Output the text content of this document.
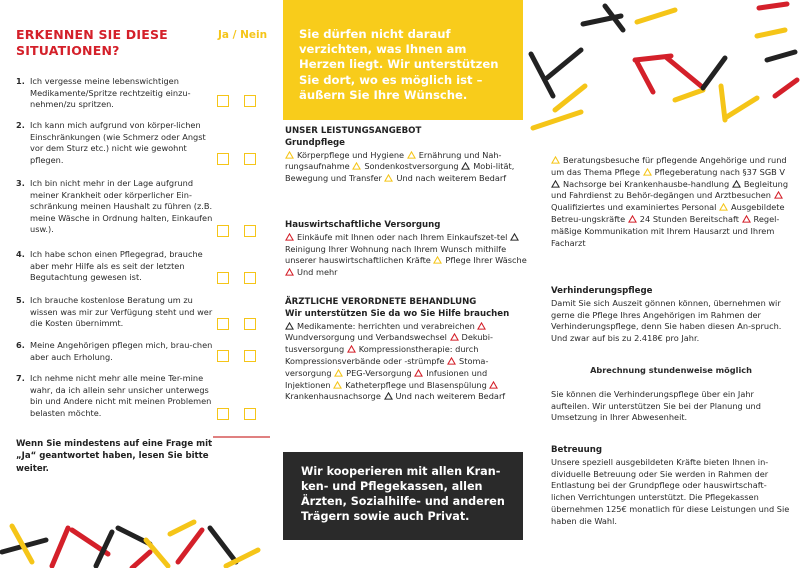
ERKENNEN SIE DIESE SITUATIONEN?
Ja / Nein
1. Ich vergesse meine lebenswichtigen Medikamente/Spritze rechtzeitig einzu-nehmen/zu spritzen.
2. Ich kann mich aufgrund von körper-lichen Einschränkungen (wie Schmerz oder Angst vor dem Sturz etc.) nicht wie gewohnt pflegen.
3. Ich bin nicht mehr in der Lage aufgrund meiner Krankheit oder körperlicher Ein-schränkung meinen Haushalt zu führen (z.B. meine Wäsche in Ordnung halten, Einkaufen usw.).
4. Ich habe schon einen Pflegegrad, brauche aber mehr Hilfe als es seit der letzten Begutachtung gewesen ist.
5. Ich brauche kostenlose Beratung um zu wissen was mir zur Verfügung steht und wer die Kosten übernimmt.
6. Meine Angehörigen pflegen mich, brau-chen aber auch Erholung.
7. Ich nehme nicht mehr alle meine Ter-mine wahr, da ich allein sehr unsicher unterwegs bin und Andere nicht mit meinen Problemen belasten möchte.
Wenn Sie mindestens auf eine Frage mit „Ja“ geantwortet haben, lesen Sie bitte weiter.

Sie dürfen nicht darauf verzichten, was Ihnen am Herzen liegt. Wir unterstützen Sie dort, wo es möglich ist – äußern Sie Ihre Wünsche.

UNSER LEISTUNGSANGEBOT
Grundpflege
Körperpflege und Hygiene Ernährung und Nah-rungsaufnahme Sondenkostversorgung Mobi-lität, Bewegung und Transfer Und nach weiterem Bedarf
Hauswirtschaftliche Versorgung
Einkäufe mit Ihnen oder nach Ihrem Einkaufszet-tel Reinigung Ihrer Wohnung nach Ihrem Wunsch mithilfe unserer hauswirtschaftlichen Kräfte Pflege Ihrer Wäsche Und mehr
ÄRZTLICHE VERORDNETE BEHANDLUNG
Wir unterstützen Sie da wo Sie Hilfe brauchen
Medikamente: herrichten und verabreichen Wundversorgung und Verbandswechsel Dekubi-tusversorgung Kompressionstherapie: durch Kompressionsverbände oder -strümpfe Stoma-versorgung PEG-Versorgung Infusionen und Injektionen Katheterpflege und Blasenspülung Krankenhausnachsorge Und nach weiterem Bedarf

Wir kooperieren mit allen Kran-ken- und Pflegekassen, allen Ärzten, Sozialhilfe- und anderen Trägern sowie auch Privat.

Beratungsbesuche für pflegende Angehörige und rund um das Thema Pflege Pflegeberatung nach §37 SGB V Nachsorge bei Krankenhausbe-handlung Begleitung und Fahrdienst zu Behör-degängen und Arztbesuchen Qualifiziertes und examiniertes Personal Ausgebildete Betreu-ungskräfte 24 Stunden Bereitschaft Regel-mäßige Kommunikation mit Ihrem Hausarzt und Ihrem Facharzt
Verhinderungspflege
Damit Sie sich Auszeit gönnen können, übernehmen wir gerne die Pflege Ihres Angehörigen im Rahmen der Verhinderungspflege, denn Sie haben diesen An-spruch. Und zwar auf bis zu 2.418€ pro Jahr.
Abrechnung stundenweise möglich
Sie können die Verhinderungspflege über ein Jahr aufteilen. Wir unterstützen Sie bei der Planung und Umsetzung in Ihrer Abwesenheit.
Betreuung
Unsere speziell ausgebildeten Kräfte bieten Ihnen in-dividuelle Betreuung oder Sie werden in Rahmen der Entlastung bei der Grundpflege oder hauswirtschaft-lichen Verrichtungen unterstützt. Die Pflegekassen übernehmen 125€ monatlich für diese Leistungen und Sie haben die Wahl.
